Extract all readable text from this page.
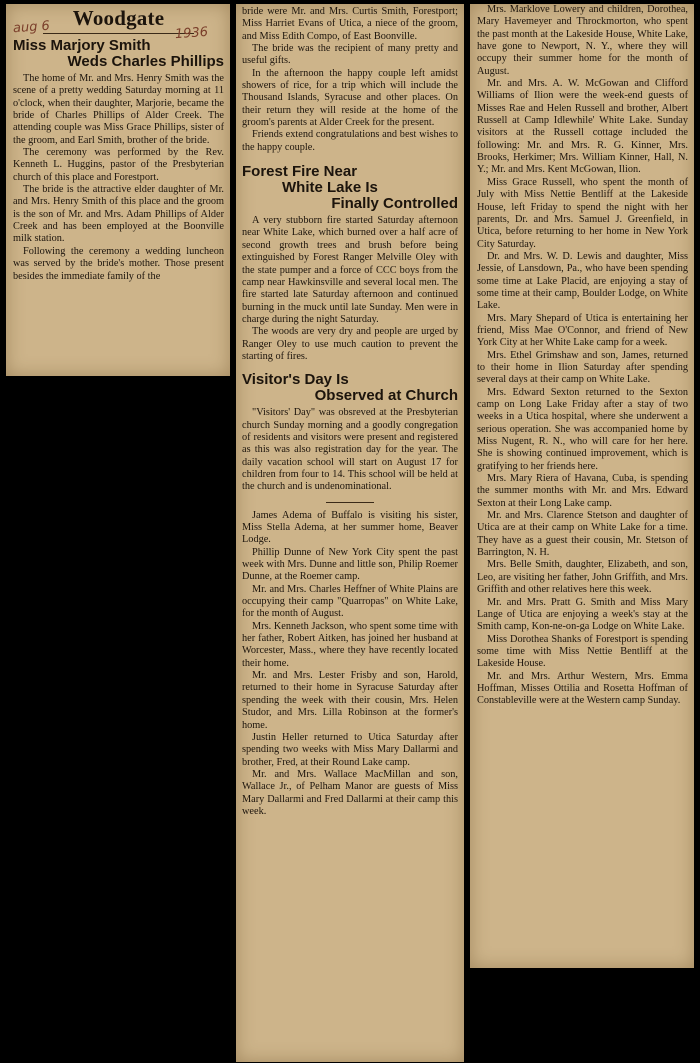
Woodgate
aug 6	1936
Miss Marjory Smith
Weds Charles Phillips

The home of Mr. and Mrs. Henry Smith was the scene of a pretty wedding Saturday morning at 11 o'clock, when their daughter, Marjorie, became the bride of Charles Phillips of Alder Creek. The attending couple was Miss Grace Phillips, sister of the groom, and Earl Smith, brother of the bride.

The ceremony was performed by the Rev. Kenneth L. Huggins, pastor of the Presbyterian church of this place and Forestport.

The bride is the attractive elder daughter of Mr. and Mrs. Henry Smith of this place and the groom is the son of Mr. and Mrs. Adam Phillips of Alder Creek and has been employed at the Boonville milk station.

Following the ceremony a wedding luncheon was served by the bride's mother. Those present besides the immediate family of the

bride were Mr. and Mrs. Curtis Smith, Forestport; Miss Harriet Evans of Utica, a niece of the groom, and Miss Edith Compo, of East Boonville.

The bride was the recipient of many pretty and useful gifts.

In the afternoon the happy couple left amidst showers of rice, for a trip which will include the Thousand Islands, Syracuse and other places. On their return they will reside at the home of the groom's parents at Alder Creek for the present.

Friends extend congratulations and best wishes to the happy couple.

Forest Fire Near
White Lake Is
Finally Controlled

A very stubborn fire started Saturday afternoon near White Lake, which burned over a half acre of second growth trees and brush before being extinguished by Forest Ranger Melville Oley with the state pumper and a force of CCC boys from the camp near Hawkinsville and several local men. The fire started late Saturday afternoon and continued burning in the muck until late Sunday. Men were in charge during the night Saturday.

The woods are very dry and people are urged by Ranger Oley to use much caution to prevent the starting of fires.

Visitor's Day Is
Observed at Church

"Visitors' Day" was obsreved at the Presbyterian church Sunday morning and a goodly congregation of residents and visitors were present and registered as this was also registration day for the year. The daily vacation school will start on August 17 for children from four to 14. This school will be held at the church and is undenominational.

James Adema of Buffalo is visiting his sister, Miss Stella Adema, at her summer home, Beaver Lodge.

Phillip Dunne of New York City spent the past week with Mrs. Dunne and little son, Philip Roemer Dunne, at the Roemer camp.

Mr. and Mrs. Charles Heffner of White Plains are occupying their camp "Quarropas" on White Lake, for the month of August.

Mrs. Kenneth Jackson, who spent some time with her father, Robert Aitken, has joined her husband at Worcester, Mass., where they have recently located their home.

Mr. and Mrs. Lester Frisby and son, Harold, returned to their home in Syracuse Saturday after spending the week with their cousin, Mrs. Helen Studor, and Mrs. Lilla Robinson at the former's home.

Justin Heller returned to Utica Saturday after spending two weeks with Miss Mary Dallarmi and brother, Fred, at their Round Lake camp.

Mr. and Mrs. Wallace MacMillan and son, Wallace Jr., of Pelham Manor are guests of Miss Mary Dallarmi and Fred Dallarmi at their camp this week.

Mrs. Marklove Lowery and children, Dorothea, Mary Havemeyer and Throckmorton, who spent the past month at the Lakeside House, White Lake, have gone to Newport, N. Y., where they will occupy their summer home for the month of August.

Mr. and Mrs. A. W. McGowan and Clifford Williams of Ilion were the week-end guests of Misses Rae and Helen Russell and brother, Albert Russell at Camp Idlewhile' White Lake. Sunday visitors at the Russell cottage included the following: Mr. and Mrs. R. G. Kinner, Mrs. Brooks, Herkimer; Mrs. William Kinner, Hall, N. Y.; Mr. and Mrs. Kent McGowan, Ilion.

Miss Grace Russell, who spent the month of July with Miss Nettie Bentliff at the Lakeside House, left Friday to spend the night with her parents, Dr. and Mrs. Samuel J. Greenfield, in Utica, before returning to her home in New York City Saturday.

Dr. and Mrs. W. D. Lewis and daughter, Miss Jessie, of Lansdown, Pa., who have been spending some time at Lake Placid, are enjoying a stay of some time at their camp, Boulder Lodge, on White Lake.

Mrs. Mary Shepard of Utica is entertaining her friend, Miss Mae O'Connor, and friend of New York City at her White Lake camp for a week.

Mrs. Ethel Grimshaw and son, James, returned to their home in Ilion Saturday after spending several days at their camp on White Lake.

Mrs. Edward Sexton returned to the Sexton camp on Long Lake Friday after a stay of two weeks in a Utica hospital, where she underwent a serious operation. She was accompanied home by Miss Nugent, R. N., who will care for her here. She is showing continued improvement, which is gratifying to her friends here.

Mrs. Mary Riera of Havana, Cuba, is spending the summer months with Mr. and Mrs. Edward Sexton at their Long Lake camp.

Mr. and Mrs. Clarence Stetson and daughter of Utica are at their camp on White Lake for a time. They have as a guest their cousin, Mr. Stetson of Barrington, N. H.

Mrs. Belle Smith, daughter, Elizabeth, and son, Leo, are visiting her father, John Griffith, and Mrs. Griffith and other relatives here this week.

Mr. and Mrs. Pratt G. Smith and Miss Mary Lange of Utica are enjoying a week's stay at the Smith camp, Kon-ne-on-ga Lodge on White Lake.

Miss Dorothea Shanks of Forestport is spending some time with Miss Nettie Bentliff at the Lakeside House.

Mr. and Mrs. Arthur Western, Mrs. Emma Hoffman, Misses Ottilia and Rosetta Hoffman of Constableville were at the Western camp Sunday.
